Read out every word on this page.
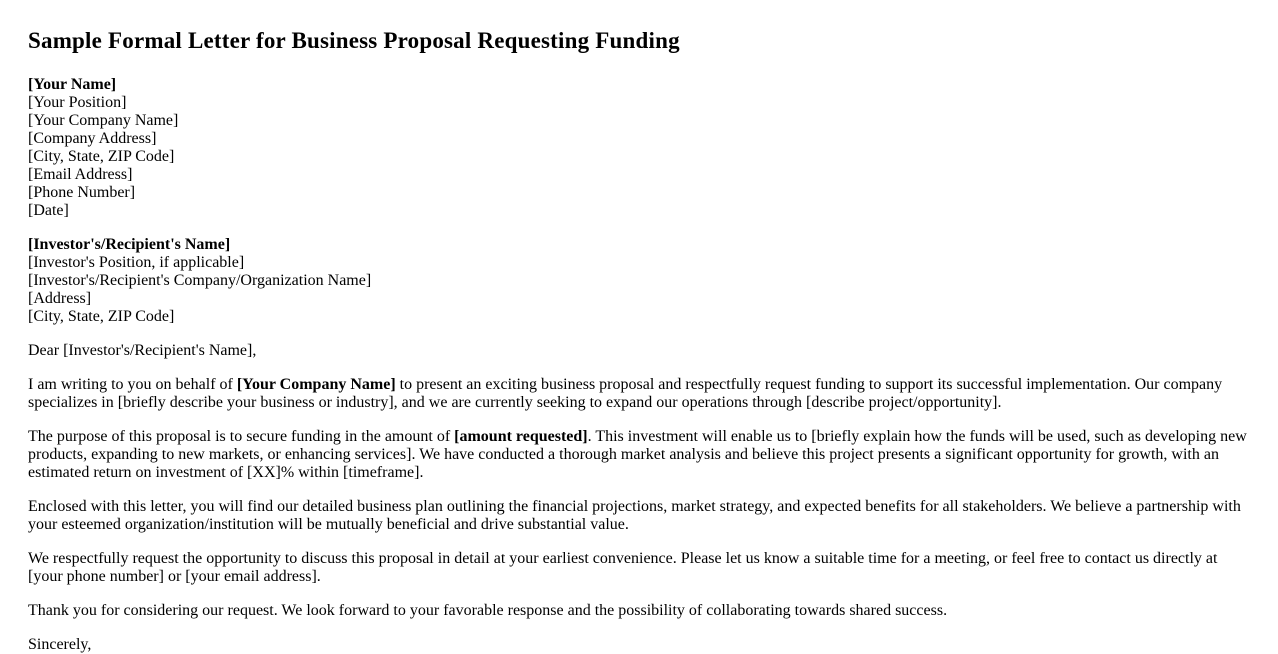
Sample Formal Letter for Business Proposal Requesting Funding

[Your Name]
[Your Position]
[Your Company Name]
[Company Address]
[City, State, ZIP Code]
[Email Address]
[Phone Number]
[Date]

[Investor's/Recipient's Name]
[Investor's Position, if applicable]
[Investor's/Recipient's Company/Organization Name]
[Address]
[City, State, ZIP Code]

Dear [Investor's/Recipient's Name],

I am writing to you on behalf of [Your Company Name] to present an exciting business proposal and respectfully request funding to support its successful implementation. Our company specializes in [briefly describe your business or industry], and we are currently seeking to expand our operations through [describe project/opportunity].

The purpose of this proposal is to secure funding in the amount of [amount requested]. This investment will enable us to [briefly explain how the funds will be used, such as developing new products, expanding to new markets, or enhancing services]. We have conducted a thorough market analysis and believe this project presents a significant opportunity for growth, with an estimated return on investment of [XX]% within [timeframe].

Enclosed with this letter, you will find our detailed business plan outlining the financial projections, market strategy, and expected benefits for all stakeholders. We believe a partnership with your esteemed organization/institution will be mutually beneficial and drive substantial value.

We respectfully request the opportunity to discuss this proposal in detail at your earliest convenience. Please let us know a suitable time for a meeting, or feel free to contact us directly at [your phone number] or [your email address].

Thank you for considering our request. We look forward to your favorable response and the possibility of collaborating towards shared success.

Sincerely,
